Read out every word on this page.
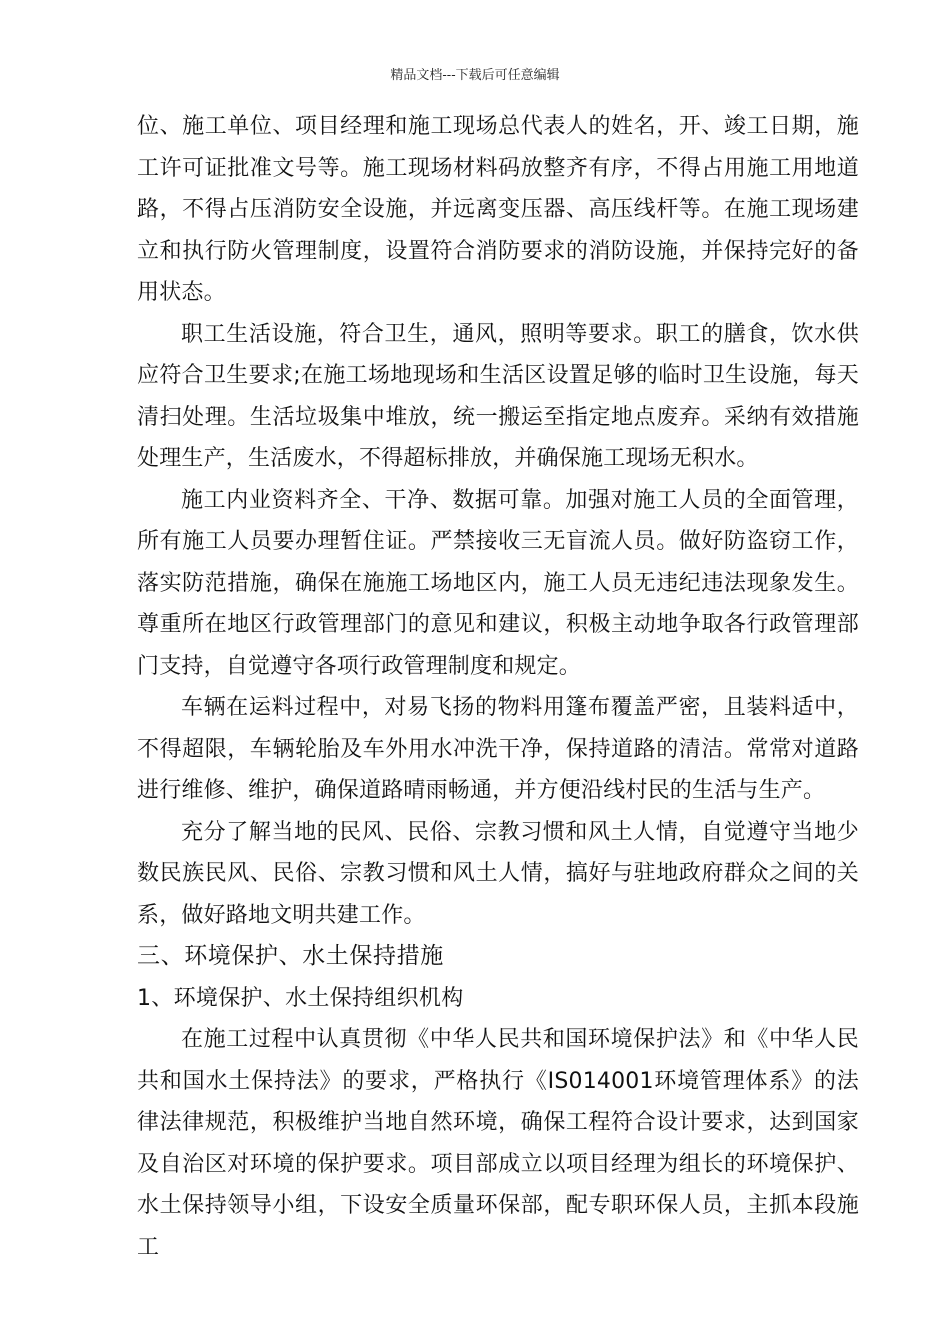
精品文档---下载后可任意编辑

位、施工单位、项目经理和施工现场总代表人的姓名，开、竣工日期，施工许可证批准文号等。施工现场材料码放整齐有序，不得占用施工用地道路，不得占压消防安全设施，并远离变压器、高压线杆等。在施工现场建立和执行防火管理制度，设置符合消防要求的消防设施，并保持完好的备用状态。

职工生活设施，符合卫生，通风，照明等要求。职工的膳食，饮水供应符合卫生要求;在施工场地现场和生活区设置足够的临时卫生设施，每天清扫处理。生活垃圾集中堆放，统一搬运至指定地点废弃。采纳有效措施处理生产，生活废水，不得超标排放，并确保施工现场无积水。

施工内业资料齐全、干净、数据可靠。加强对施工人员的全面管理，所有施工人员要办理暂住证。严禁接收三无盲流人员。做好防盗窃工作，落实防范措施，确保在施施工场地区内，施工人员无违纪违法现象发生。尊重所在地区行政管理部门的意见和建议，积极主动地争取各行政管理部门支持，自觉遵守各项行政管理制度和规定。

车辆在运料过程中，对易飞扬的物料用篷布覆盖严密，且装料适中，不得超限，车辆轮胎及车外用水冲洗干净，保持道路的清洁。常常对道路进行维修、维护，确保道路晴雨畅通，并方便沿线村民的生活与生产。

充分了解当地的民风、民俗、宗教习惯和风土人情，自觉遵守当地少数民族民风、民俗、宗教习惯和风土人情，搞好与驻地政府群众之间的关系，做好路地文明共建工作。

三、环境保护、水土保持措施

1、环境保护、水土保持组织机构

在施工过程中认真贯彻《中华人民共和国环境保护法》和《中华人民共和国水土保持法》的要求，严格执行《IS014001环境管理体系》的法律法律规范，积极维护当地自然环境，确保工程符合设计要求，达到国家及自治区对环境的保护要求。项目部成立以项目经理为组长的环境保护、水土保持领导小组，下设安全质量环保部，配专职环保人员，主抓本段施工
